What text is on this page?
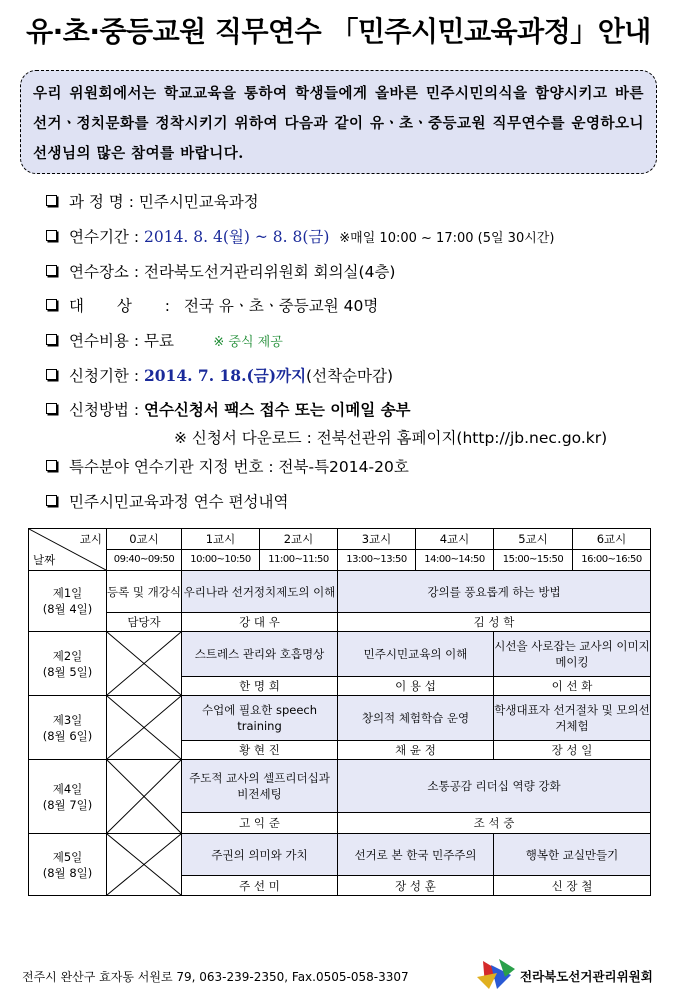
유·초·중등교원 직무연수 「민주시민교육과정」안내
우리 위원회에서는 학교교육을 통하여 학생들에게 올바른 민주시민의식을 함양시키고 바른 선거ㆍ정치문화를 정착시키기 위하여 다음과 같이 유ㆍ초ㆍ중등교원 직무연수를 운영하오니 선생님의 많은 참여를 바랍니다.
과 정 명 : 민주시민교육과정
연수기간 : 2014. 8. 4(월) ~ 8. 8(금) ※매일 10:00 ~ 17:00 (5일 30시간)
연수장소 : 전라북도선거관리위원회 회의실(4층)
대 상 :전국 유ㆍ초ㆍ중등교원 40명
연수비용 : 무료	※ 중식 제공
신청기한 : 2014. 7. 18.(금)까지(선착순마감)
신청방법 : 연수신청서 팩스 접수 또는 이메일 송부
※ 신청서 다운로드 : 전북선관위 홈페이지(http://jb.nec.go.kr)
특수분야 연수기관 지정 번호 : 전북-특2014-20호
민주시민교육과정 연수 편성내역
교시
날짜	0교시	1교시	2교시	3교시	4교시	5교시	6교시
	09:40~09:50	10:00~10:50	11:00~11:50	13:00~13:50	14:00~14:50	15:00~15:50	16:00~16:50

제1일
(8월 4일)	등록 및 개강식	우리나라 선거정치제도의 이해		강의를 풍요롭게 하는 방법			
	담당자	강 대 우		김 성 학			

제2일
(8월 5일)		스트레스 관리와 호흡명상		민주시민교육의 이해		시선을 사로잡는 교사의 이미지메이킹	
		한 명 희		이 용 섭		이 선 화	

제3일
(8월 6일)		수업에 필요한 speech training		창의적 체험학습 운영		학생대표자 선거절차 및 모의선거체험	
		황 현 진		채 윤 정		장 성 일	

제4일
(8월 7일)		주도적 교사의 셀프리더십과 비전세팅		소통공감 리더십 역량 강화			
		고 익 준		조 석 중			

제5일
(8월 8일)		주권의 의미와 가치		선거로 본 한국 민주주의		행복한 교실만들기	
		주 선 미		장 성 훈		신 장 철	
전주시 완산구 효자동 서원로 79, 063-239-2350, Fax.0505-058-3307	전라북도선거관리위원회
